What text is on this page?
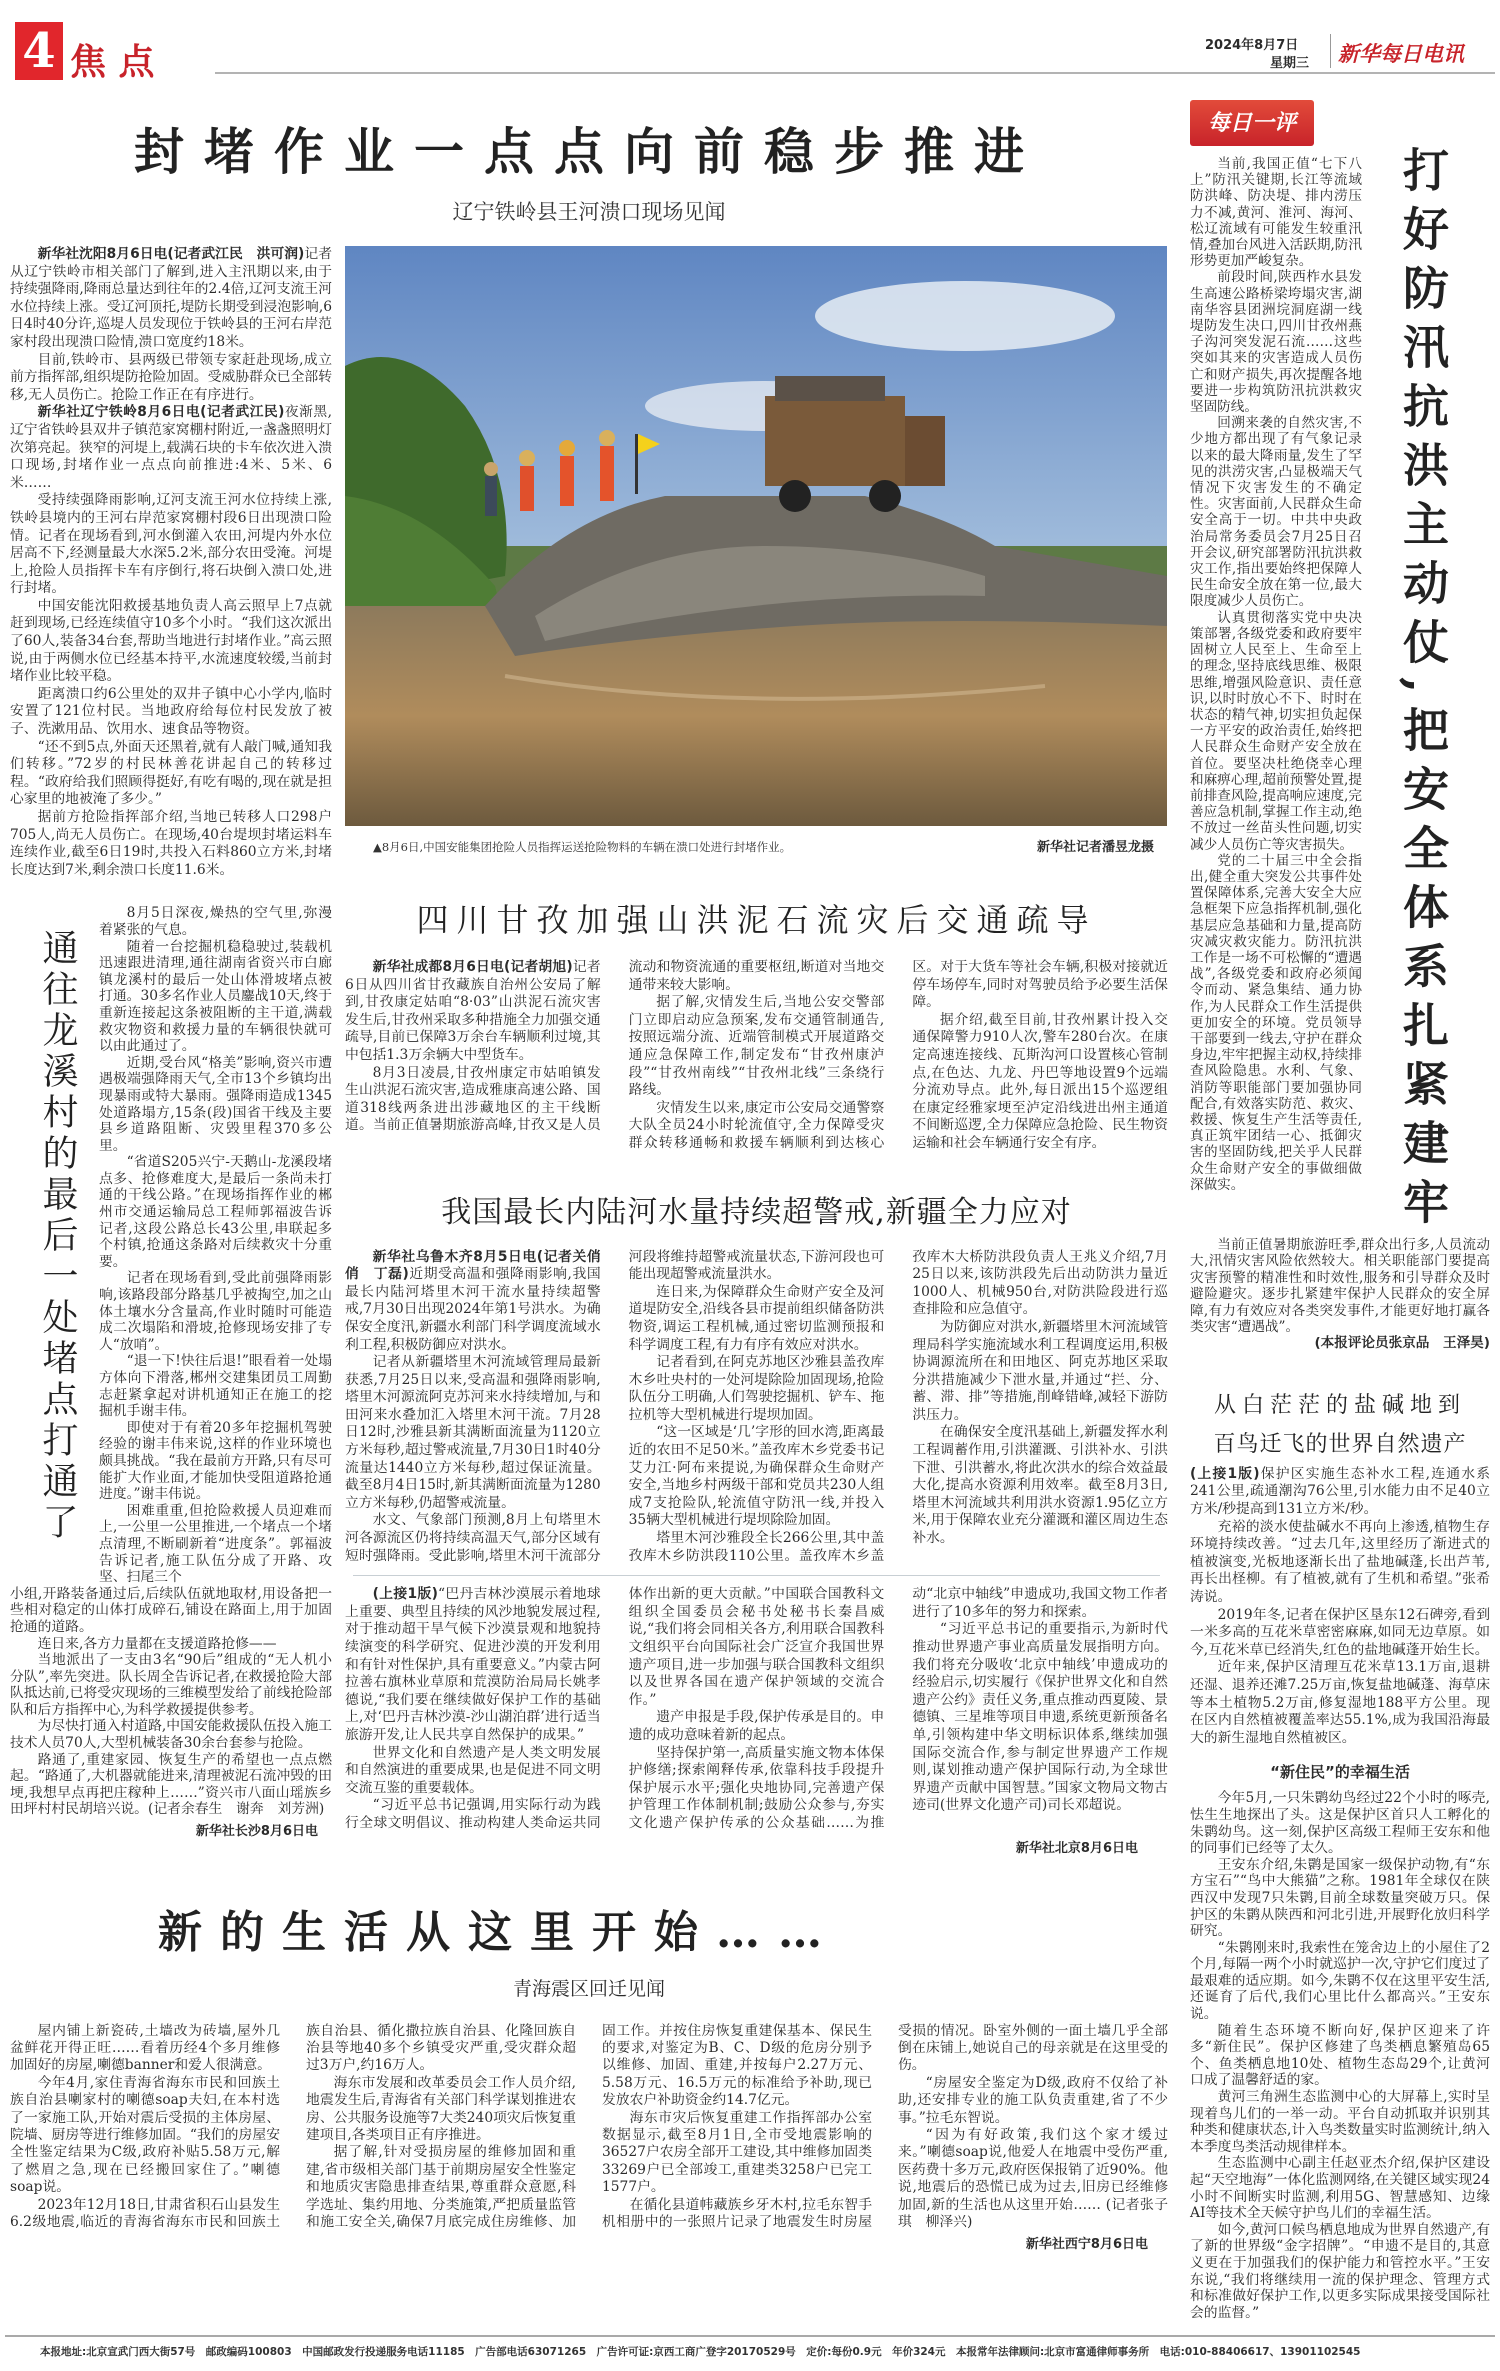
4 焦 点	2024年8月7日
星期三 新华每日电讯
封堵作业一点点向前稳步推进
辽宁铁岭县王河溃口现场见闻

新华社沈阳8月6日电(记者武江民　洪可润)记者从辽宁铁岭市相关部门了解到,进入主汛期以来,由于持续强降雨,降雨总量达到往年的2.4倍,辽河支流王河水位持续上涨。受辽河顶托,堤防长期受到浸泡影响,6日4时40分许,巡堤人员发现位于铁岭县的王河右岸范家村段出现溃口险情,溃口宽度约18米。

目前,铁岭市、县两级已带领专家赶赴现场,成立前方指挥部,组织堤防抢险加固。受威胁群众已全部转移,无人员伤亡。抢险工作正在有序进行。

新华社辽宁铁岭8月6日电(记者武江民)夜渐黑,辽宁省铁岭县双井子镇范家窝棚村附近,一盏盏照明灯次第亮起。狭窄的河堤上,载满石块的卡车依次进入溃口现场,封堵作业一点点向前推进:4米、5米、6米……

受持续强降雨影响,辽河支流王河水位持续上涨,铁岭县境内的王河右岸范家窝棚村段6日出现溃口险情。记者在现场看到,河水倒灌入农田,河堤内外水位居高不下,经测量最大水深5.2米,部分农田受淹。河堤上,抢险人员指挥卡车有序倒行,将石块倒入溃口处,进行封堵。

中国安能沈阳救援基地负责人高云照早上7点就赶到现场,已经连续值守10多个小时。“我们这次派出了60人,装备34台套,帮助当地进行封堵作业。”高云照说,由于两侧水位已经基本持平,水流速度较缓,当前封堵作业比较平稳。

距离溃口约6公里处的双井子镇中心小学内,临时安置了121位村民。当地政府给每位村民发放了被子、洗漱用品、饮用水、速食品等物资。

“还不到5点,外面天还黑着,就有人敲门喊,通知我们转移。”72岁的村民林善花讲起自己的转移过程。“政府给我们照顾得挺好,有吃有喝的,现在就是担心家里的地被淹了多少。”

据前方抢险指挥部介绍,当地已转移人口298户705人,尚无人员伤亡。在现场,40台堤坝封堵运料车连续作业,截至6日19时,共投入石料860立方米,封堵长度达到7米,剩余溃口长度11.6米。

通往龙溪村的最后一处堵点打通了

8月5日深夜,燥热的空气里,弥漫着紧张的气息。

随着一台挖掘机稳稳驶过,装载机迅速跟进清理,通往湖南省资兴市白廊镇龙溪村的最后一处山体滑坡堵点被打通。30多名作业人员鏖战10天,终于重新连接起这条被阻断的主干道,满载救灾物资和救援力量的车辆很快就可以由此通过了。

近期,受台风“格美”影响,资兴市遭遇极端强降雨天气,全市13个乡镇均出现暴雨或特大暴雨。强降雨造成1345处道路塌方,15条(段)国省干线及主要县乡道路阻断、灾毁里程370多公里。

“省道S205兴宁-天鹅山-龙溪段堵点多、抢修难度大,是最后一条尚未打通的干线公路。”在现场指挥作业的郴州市交通运输局总工程师郭福波告诉记者,这段公路总长43公里,串联起多个村镇,抢通这条路对后续救灾十分重要。

记者在现场看到,受此前强降雨影响,该路段部分路基几乎被掏空,加之山体土壤水分含量高,作业时随时可能造成二次塌陷和滑坡,抢修现场安排了专人“放哨”。

“退一下!快往后退!”眼看着一处塌方体向下滑落,郴州交建集团员工周勤志赶紧拿起对讲机通知正在施工的挖掘机手谢丰伟。

即使对于有着20多年挖掘机驾驶经验的谢丰伟来说,这样的作业环境也颇具挑战。“我在最前方开路,只有尽可能扩大作业面,才能加快受阻道路抢通进度。”谢丰伟说。

困难重重,但抢险救援人员迎难而上,一公里一公里推进,一个堵点一个堵点清理,不断刷新着“进度条”。郭福波告诉记者,施工队伍分成了开路、攻坚、扫尾三个

小组,开路装备通过后,后续队伍就地取材,用设备把一些相对稳定的山体打成碎石,铺设在路面上,用于加固抢通的道路。

连日来,各方力量都在支援道路抢修——

当地派出了一支由3名“90后”组成的“无人机小分队”,率先突进。队长周全告诉记者,在救援抢险大部队抵达前,已将受灾现场的三维模型发给了前线抢险部队和后方指挥中心,为科学救援提供参考。

为尽快打通入村道路,中国安能救援队伍投入施工技术人员70人,大型机械装备30余台套参与抢险。

路通了,重建家园、恢复生产的希望也一点点燃起。“路通了,大机器就能进来,清理被泥石流冲毁的田埂,我想早点再把庄稼种上……”资兴市八面山瑶族乡田坪村村民胡培兴说。(记者余春生　谢奔　刘芳洲)

新华社长沙8月6日电
▲8月6日,中国安能集团抢险人员指挥运送抢险物料的车辆在溃口处进行封堵作业。	新华社记者潘昱龙摄
四川甘孜加强山洪泥石流灾后交通疏导

新华社成都8月6日电(记者胡旭)记者6日从四川省甘孜藏族自治州公安局了解到,甘孜康定姑咱“8·03”山洪泥石流灾害发生后,甘孜州采取多种措施全力加强交通疏导,目前已保障3万余台车辆顺利过境,其中包括1.3万余辆大中型货车。

8月3日凌晨,甘孜州康定市姑咱镇发生山洪泥石流灾害,造成雅康高速公路、国道318线两条进出涉藏地区的主干线断道。当前正值暑期旅游高峰,甘孜又是人员流动和物资流通的重要枢纽,断道对当地交通带来较大影响。

据了解,灾情发生后,当地公安交警部门立即启动应急预案,发布交通管制通告,按照远端分流、近端管制模式开展道路交通应急保障工作,制定发布“甘孜州康泸段”“甘孜州南线”“甘孜州北线”三条绕行路线。

灾情发生以来,康定市公安局交通警察大队全员24小时轮流值守,全力保障受灾群众转移通畅和救援车辆顺利到达核心区。对于大货车等社会车辆,积极对接就近停车场停车,同时对驾驶员给予必要生活保障。

据介绍,截至目前,甘孜州累计投入交通保障警力910人次,警车280台次。在康定高速连接线、瓦斯沟河口设置核心管制点,在色达、九龙、丹巴等地设置9个远端分流劝导点。此外,每日派出15个巡逻组在康定经雅家埂至泸定沿线进出州主通道不间断巡逻,全力保障应急抢险、民生物资运输和社会车辆通行安全有序。

我国最长内陆河水量持续超警戒,新疆全力应对

新华社乌鲁木齐8月5日电(记者关俏俏　丁磊)近期受高温和强降雨影响,我国最长内陆河塔里木河干流水量持续超警戒,7月30日出现2024年第1号洪水。为确保安全度汛,新疆水利部门科学调度流域水利工程,积极防御应对洪水。

记者从新疆塔里木河流域管理局最新获悉,7月25日以来,受高温和强降雨影响,塔里木河源流阿克苏河来水持续增加,与和田河来水叠加汇入塔里木河干流。7月28日12时,沙雅县新其满断面流量为1120立方米每秒,超过警戒流量,7月30日1时40分流量达1440立方米每秒,超过保证流量。截至8月4日15时,新其满断面流量为1280立方米每秒,仍超警戒流量。

水文、气象部门预测,8月上旬塔里木河各源流区仍将持续高温天气,部分区域有短时强降雨。受此影响,塔里木河干流部分河段将维持超警戒流量状态,下游河段也可能出现超警戒流量洪水。

连日来,为保障群众生命财产安全及河道堤防安全,沿线各县市提前组织储备防洪物资,调运工程机械,通过密切监测预报和科学调度工程,有力有序有效应对洪水。

记者看到,在阿克苏地区沙雅县盖孜库木乡吐央村的一处河堤除险加固现场,抢险队伍分工明确,人们驾驶挖掘机、铲车、拖拉机等大型机械进行堤坝加固。

“这一区域是‘几’字形的回水湾,距离最近的农田不足50米。”盖孜库木乡党委书记艾力江·阿布来提说,为确保群众生命财产安全,当地乡村两级干部和党员共230人组成7支抢险队,轮流值守防汛一线,并投入35辆大型机械进行堤坝除险加固。

塔里木河沙雅段全长266公里,其中盖孜库木乡防洪段110公里。盖孜库木乡盖孜库木大桥防洪段负责人王兆义介绍,7月25日以来,该防洪段先后出动防洪力量近1000人、机械950台,对防洪险段进行巡查排险和应急值守。

为防御应对洪水,新疆塔里木河流域管理局科学实施流域水利工程调度运用,积极协调源流所在和田地区、阿克苏地区采取分洪措施减少下泄水量,并通过“拦、分、蓄、滞、排”等措施,削峰错峰,减轻下游防洪压力。

在确保安全度汛基础上,新疆发挥水利工程调蓄作用,引洪灌溉、引洪补水、引洪下泄、引洪蓄水,将此次洪水的综合效益最大化,提高水资源利用效率。截至8月3日,塔里木河流域共利用洪水资源1.95亿立方米,用于保障农业充分灌溉和灌区周边生态补水。

(上接1版)“巴丹吉林沙漠展示着地球上重要、典型且持续的风沙地貌发展过程,对于推动超干旱气候下沙漠景观和地貌持续演变的科学研究、促进沙漠的开发利用和有针对性保护,具有重要意义。”内蒙古阿拉善右旗林业草原和荒漠防治局局长姚孝德说,“我们要在继续做好保护工作的基础上,对‘巴丹吉林沙漠-沙山湖泊群’进行适当旅游开发,让人民共享自然保护的成果。”

世界文化和自然遗产是人类文明发展和自然演进的重要成果,也是促进不同文明交流互鉴的重要载体。

“习近平总书记强调,用实际行动为践行全球文明倡议、推动构建人类命运共同体作出新的更大贡献。”中国联合国教科文组织全国委员会秘书处秘书长秦昌威说,“我们将会同相关各方,利用联合国教科文组织平台向国际社会广泛宣介我国世界遗产项目,进一步加强与联合国教科文组织以及世界各国在遗产保护领域的交流合作。”

遗产申报是手段,保护传承是目的。申遗的成功意味着新的起点。

坚持保护第一,高质量实施文物本体保护修缮;探索阐释传承,依靠科技手段提升保护展示水平;强化央地协同,完善遗产保护管理工作体制机制;鼓励公众参与,夯实文化遗产保护传承的公众基础……为推动“北京中轴线”申遗成功,我国文物工作者进行了10多年的努力和探索。

“习近平总书记的重要指示,为新时代推动世界遗产事业高质量发展指明方向。我们将充分吸收‘北京中轴线’申遗成功的经验启示,切实履行《保护世界文化和自然遗产公约》责任义务,重点推动西夏陵、景德镇、三星堆等项目申遗,系统更新预备名单,引领构建中华文明标识体系,继续加强国际交流合作,参与制定世界遗产工作规则,谋划推动遗产保护国际行动,为全球世界遗产贡献中国智慧。”国家文物局文物古迹司(世界文化遗产司)司长邓超说。

新华社北京8月6日电
新的生活从这里开始……
青海震区回迁见闻

屋内铺上新瓷砖,土墙改为砖墙,屋外几盆鲜花开得正旺……看着历经4个多月维修加固好的房屋,喇德banner和爱人很满意。

今年4月,家住青海省海东市民和回族土族自治县喇家村的喇德soap夫妇,在本村选了一家施工队,开始对震后受损的主体房屋、院墙、厨房等进行维修加固。“我们的房屋安全性鉴定结果为C级,政府补贴5.58万元,解了燃眉之急,现在已经搬回家住了。”喇德soap说。

2023年12月18日,甘肃省积石山县发生6.2级地震,临近的青海省海东市民和回族土族自治县、循化撒拉族自治县、化隆回族自治县等地40多个乡镇受灾严重,受灾群众超过3万户,约16万人。

海东市发展和改革委员会工作人员介绍,地震发生后,青海省有关部门科学谋划推进农房、公共服务设施等7大类240项灾后恢复重建项目,各类项目正有序推进。

据了解,针对受损房屋的维修加固和重建,省市级相关部门基于前期房屋安全性鉴定和地质灾害隐患排查结果,尊重群众意愿,科学选址、集约用地、分类施策,严把质量监管和施工安全关,确保7月底完成住房维修、加固工作。并按住房恢复重建保基本、保民生的要求,对鉴定为B、C、D级的危房分别予以维修、加固、重建,并按每户2.27万元、5.58万元、16.5万元的标准给予补助,现已发放农户补助资金约14.7亿元。

海东市灾后恢复重建工作指挥部办公室数据显示,截至8月1日,全市受地震影响的36527户农房全部开工建设,其中维修加固类33269户已全部竣工,重建类3258户已完工1577户。

在循化县道帏藏族乡牙木村,拉毛东智手机相册中的一张照片记录了地震发生时房屋受损的情况。卧室外侧的一面土墙几乎全部倒在床铺上,她说自己的母亲就是在这里受的伤。

“房屋安全鉴定为D级,政府不仅给了补助,还安排专业的施工队负责重建,省了不少事。”拉毛东智说。

“因为有好政策,我们这个家才缓过来。”喇德soap说,他爱人在地震中受伤严重,医药费十多万元,政府医保报销了近90%。他说,地震后的恐慌已成为过去,旧房已经维修加固,新的生活也从这里开始…… (记者张子琪　柳泽兴)

新华社西宁8月6日电
每日一评

当前,我国正值“七下八上”防汛关键期,长江等流域防洪峰、防决堤、排内涝压力不减,黄河、淮河、海河、松辽流域有可能发生较重汛情,叠加台风进入活跃期,防汛形势更加严峻复杂。

前段时间,陕西柞水县发生高速公路桥梁垮塌灾害,湖南华容县团洲垸洞庭湖一线堤防发生决口,四川甘孜州燕子沟河突发泥石流……这些突如其来的灾害造成人员伤亡和财产损失,再次提醒各地要进一步构筑防汛抗洪救灾坚固防线。

回溯来袭的自然灾害,不少地方都出现了有气象记录以来的最大降雨量,发生了罕见的洪涝灾害,凸显极端天气情况下灾害发生的不确定性。灾害面前,人民群众生命安全高于一切。中共中央政治局常务委员会7月25日召开会议,研究部署防汛抗洪救灾工作,指出要始终把保障人民生命安全放在第一位,最大限度减少人员伤亡。

认真贯彻落实党中央决策部署,各级党委和政府要牢固树立人民至上、生命至上的理念,坚持底线思维、极限思维,增强风险意识、责任意识,以时时放心不下、时时在状态的精气神,切实担负起保一方平安的政治责任,始终把人民群众生命财产安全放在首位。要坚决杜绝侥幸心理和麻痹心理,超前预警处置,提前排查风险,提高响应速度,完善应急机制,掌握工作主动,绝不放过一丝苗头性问题,切实减少人员伤亡等灾害损失。

党的二十届三中全会指出,健全重大突发公共事件处置保障体系,完善大安全大应急框架下应急指挥机制,强化基层应急基础和力量,提高防灾减灾救灾能力。防汛抗洪工作是一场不可松懈的“遭遇战”,各级党委和政府必须闻令而动、紧急集结、通力协作,为人民群众工作生活提供更加安全的环境。党员领导干部要到一线去,守护在群众身边,牢牢把握主动权,持续排查风险隐患。水利、气象、消防等职能部门要加强协同配合,有效落实防范、救灾、救援、恢复生产生活等责任,真正筑牢团结一心、抵御灾害的坚固防线,把关乎人民群众生命财产安全的事做细做深做实。	打好防汛抗洪主动仗,把安全体系扎紧建牢

当前正值暑期旅游旺季,群众出行多,人员流动大,汛情灾害风险依然较大。相关职能部门要提高灾害预警的精准性和时效性,服务和引导群众及时避险避灾。逐步扎紧建牢保护人民群众的安全屏障,有力有效应对各类突发事件,才能更好地打赢各类灾害“遭遇战”。

(本报评论员张京品　王泽昊)

从白茫茫的盐碱地到
百鸟迁飞的世界自然遗产

(上接1版)保护区实施生态补水工程,连通水系241公里,疏通潮沟76公里,引水能力由不足40立方米/秒提高到131立方米/秒。

充裕的淡水使盐碱水不再向上渗透,植物生存环境持续改善。“过去几年,这里经历了渐进式的植被演变,光板地逐渐长出了盐地碱蓬,长出芦苇,再长出柽柳。有了植被,就有了生机和希望。”张希涛说。

2019年冬,记者在保护区垦东12石碑旁,看到一米多高的互花米草密密麻麻,如同无边草原。如今,互花米草已经消失,红色的盐地碱蓬开始生长。

近年来,保护区清理互花米草13.1万亩,退耕还湿、退养还滩7.25万亩,恢复盐地碱蓬、海草床等本土植物5.2万亩,修复湿地188平方公里。现在区内自然植被覆盖率达55.1%,成为我国沿海最大的新生湿地自然植被区。

“新住民”的幸福生活

今年5月,一只朱鹮幼鸟经过22个小时的啄壳,怯生生地探出了头。这是保护区首只人工孵化的朱鹮幼鸟。这一刻,保护区高级工程师王安东和他的同事们已经等了太久。

王安东介绍,朱鹮是国家一级保护动物,有“东方宝石”“鸟中大熊猫”之称。1981年全球仅在陕西汉中发现7只朱鹮,目前全球数量突破万只。保护区的朱鹮从陕西和河北引进,开展野化放归科学研究。

“朱鹮刚来时,我索性在笼舍边上的小屋住了2个月,每隔一两个小时就巡护一次,守护它们度过了最艰难的适应期。如今,朱鹮不仅在这里平安生活,还诞育了后代,我们心里比什么都高兴。”王安东说。

随着生态环境不断向好,保护区迎来了许多“新住民”。保护区修建了鸟类栖息繁殖岛65个、鱼类栖息地10处、植物生态岛29个,让黄河口成了温馨舒适的家。

黄河三角洲生态监测中心的大屏幕上,实时呈现着鸟儿们的一举一动。平台自动抓取并识别其种类和健康状态,计入鸟类数量实时监测统计,纳入本季度鸟类活动规律样本。

生态监测中心副主任赵亚杰介绍,保护区建设起“天空地海”一体化监测网络,在关键区域实现24小时不间断实时监测,利用5G、智慧感知、边缘AI等技术全天候守护鸟儿们的幸福生活。

如今,黄河口候鸟栖息地成为世界自然遗产,有了新的世界级“金字招牌”。“申遗不是目的,其意义更在于加强我们的保护能力和管控水平。”王安东说,“我们将继续用一流的保护理念、管理方式和标准做好保护工作,以更多实际成果接受国际社会的监督。”

本报地址:北京宣武门西大街57号　邮政编码100803　中国邮政发行投递服务电话11185　广告部电话63071265　广告许可证:京西工商广登字20170529号　定价:每份0.9元　年价324元　本报常年法律顾问:北京市富通律师事务所　电话:010-88406617、13901102545
